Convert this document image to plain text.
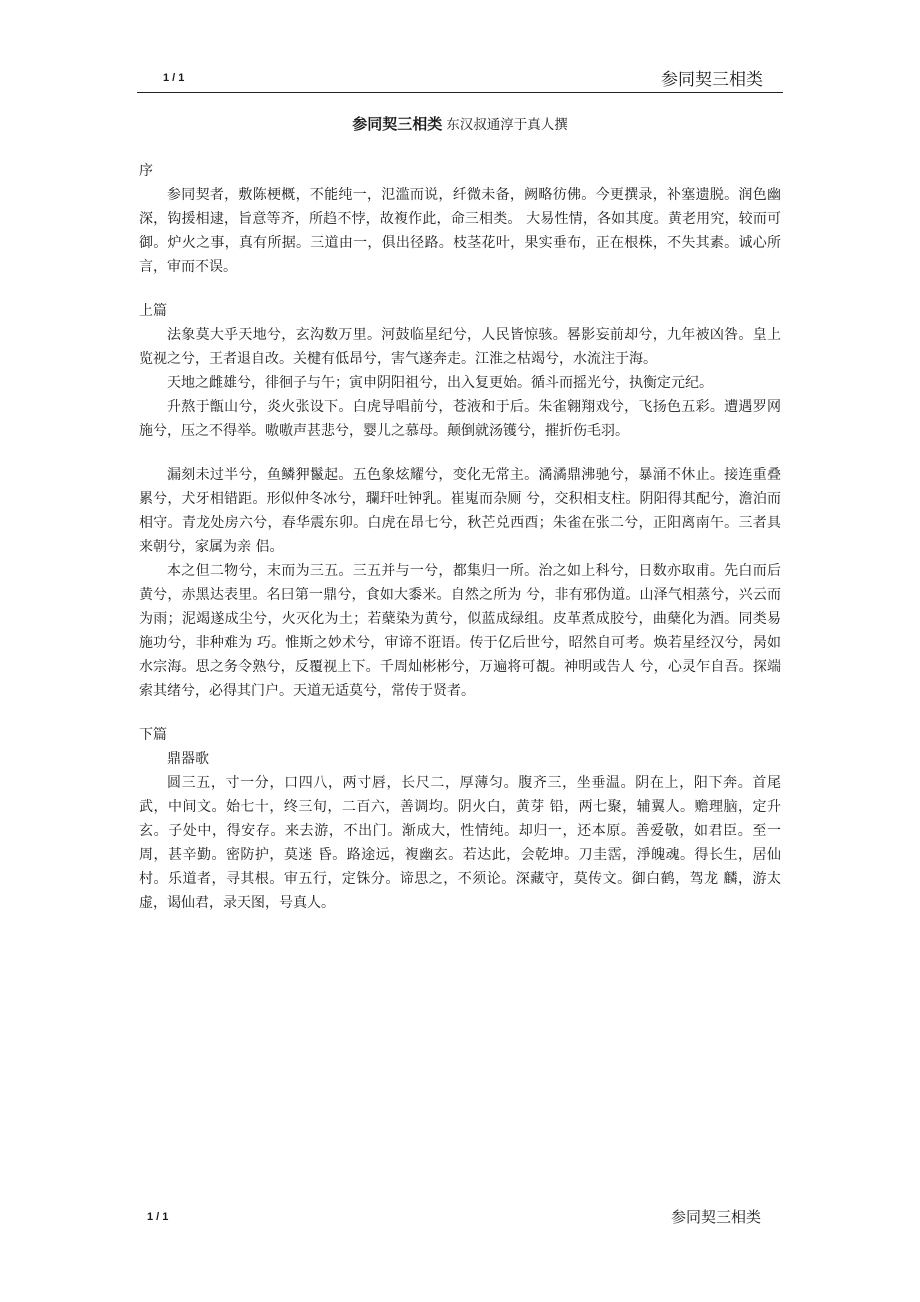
1 / 1	参同契三相类
参同契三相类 东汉叔通淳于真人撰

序

参同契者，敷陈梗概，不能纯一，氾滥而说，纤微未备，阙略彷佛。今更撰录，补塞遗脱。润色幽深，钩援相逮，旨意等齐，所趋不悖，故複作此，命三相类。 大易性情，各如其度。黄老用究，较而可御。炉火之事，真有所据。三道由一，俱出径路。枝茎花叶，果实垂布，正在根株，不失其素。诚心所言，审而不误。

上篇

法象莫大乎天地兮，玄沟数万里。河鼓临星纪兮，人民皆惊骇。晷影妄前却兮，九年被凶咎。皇上览视之兮，王者退自改。关楗有低昂兮，害气遂奔走。江淮之枯竭兮，水流注于海。

天地之雌雄兮，徘徊子与午；寅申阴阳祖兮，出入复更始。循斗而摇光兮，执衡定元纪。

升熬于甑山兮，炎火张设下。白虎导唱前兮，苍液和于后。朱雀翱翔戏兮，飞扬色五彩。遭遇罗网施兮，压之不得举。嗷嗷声甚悲兮，婴儿之慕母。颠倒就汤镬兮，摧折伤毛羽。

漏刻未过半兮，鱼鳞狎鬣起。五色象炫耀兮，变化无常主。潏潏鼎沸驰兮，暴涌不休止。接连重叠累兮，犬牙相错距。形似仲冬冰兮，瓓玕吐钟乳。崔嵬而杂厕 兮，交积相支柱。阴阳得其配兮，澹泊而相守。青龙处房六兮，春华震东卯。白虎在昂七兮，秋芒兑西酉；朱雀在张二兮，正阳离南午。三者具来朝兮，家属为亲 侣。

本之但二物兮，末而为三五。三五并与一兮，都集归一所。治之如上科兮，日数亦取甫。先白而后黄兮，赤黑达表里。名曰第一鼎兮，食如大黍米。自然之所为 兮，非有邪伪道。山泽气相蒸兮，兴云而为雨；泥竭遂成尘兮，火灭化为土；若蘖染为黄兮，似蓝成绿组。皮革煮成胶兮，曲蘖化为酒。同类易施功兮，非种难为 巧。惟斯之妙术兮，审谛不诳语。传于亿后世兮，昭然自可考。焕若星经汉兮，昺如水宗海。思之务令熟兮，反覆视上下。千周灿彬彬兮，万遍将可覩。神明或告人 兮，心灵乍自吾。探端索其绪兮，必得其门户。天道无适莫兮，常传于贤者。

下篇

鼎器歌

圆三五，寸一分，口四八，两寸唇，长尺二，厚薄匀。腹齐三，坐垂温。阴在上，阳下奔。首尾武，中间文。始七十，终三旬，二百六，善调均。阴火白，黄芽 铅，两七聚，辅翼人。赡理脑，定升玄。子处中，得安存。来去游，不出门。渐成大，性情纯。却归一，还本原。善爱敬，如君臣。至一周，甚辛勤。密防护，莫迷 昏。路途远，複幽玄。若达此，会乾坤。刀圭霑，淨魄魂。得长生，居仙村。乐道者，寻其根。审五行，定铢分。谛思之，不须论。深藏守，莫传文。御白鹤，驾龙 麟，游太虚，谒仙君，录天图，号真人。

1 / 1	参同契三相类
